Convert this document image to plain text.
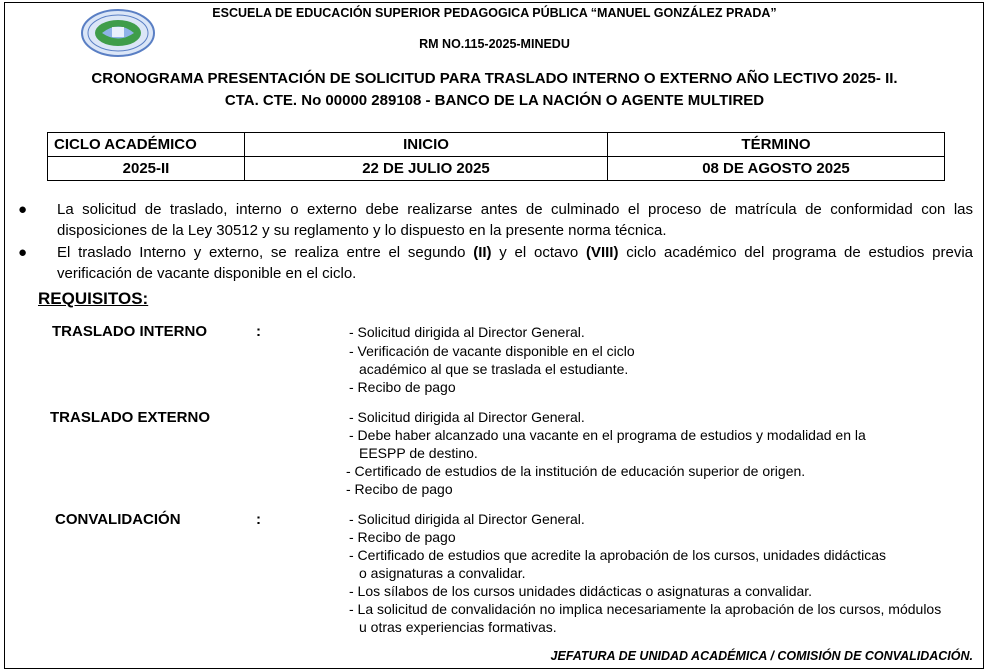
ESCUELA DE EDUCACIÓN SUPERIOR PEDAGOGICA PÚBLICA “MANUEL GONZÁLEZ PRADA”
RM NO.115-2025-MINEDU
CRONOGRAMA PRESENTACIÓN DE SOLICITUD PARA TRASLADO INTERNO O EXTERNO AÑO LECTIVO 2025- II.
CTA. CTE. No 00000 289108 - BANCO DE LA NACIÓN O AGENTE MULTIRED
CICLO ACADÉMICO	INICIO	TÉRMINO
2025-II	22 DE JULIO 2025	08 DE AGOSTO 2025
● La solicitud de traslado, interno o externo debe realizarse antes de culminado el proceso de matrícula de conformidad con las disposiciones de la Ley 30512 y su reglamento y lo dispuesto en la presente norma técnica.
● El traslado Interno y externo, se realiza entre el segundo (II) y el octavo (VIII) ciclo académico del programa de estudios previa verificación de vacante disponible en el ciclo.
REQUISITOS:
TRASLADO INTERNO	:	- Solicitud dirigida al Director General.
- Verificación de vacante disponible en el ciclo
académico al que se traslada el estudiante.
- Recibo de pago
TRASLADO EXTERNO	- Solicitud dirigida al Director General.
- Debe haber alcanzado una vacante en el programa de estudios y modalidad en la
EESPP de destino.
- Certificado de estudios de la institución de educación superior de origen.
- Recibo de pago
CONVALIDACIÓN	:	- Solicitud dirigida al Director General.
- Recibo de pago
- Certificado de estudios que acredite la aprobación de los cursos, unidades didácticas
o asignaturas a convalidar.
- Los sílabos de los cursos unidades didácticas o asignaturas a convalidar.
- La solicitud de convalidación no implica necesariamente la aprobación de los cursos, módulos
u otras experiencias formativas.
JEFATURA DE UNIDAD ACADÉMICA / COMISIÓN DE CONVALIDACIÓN.
